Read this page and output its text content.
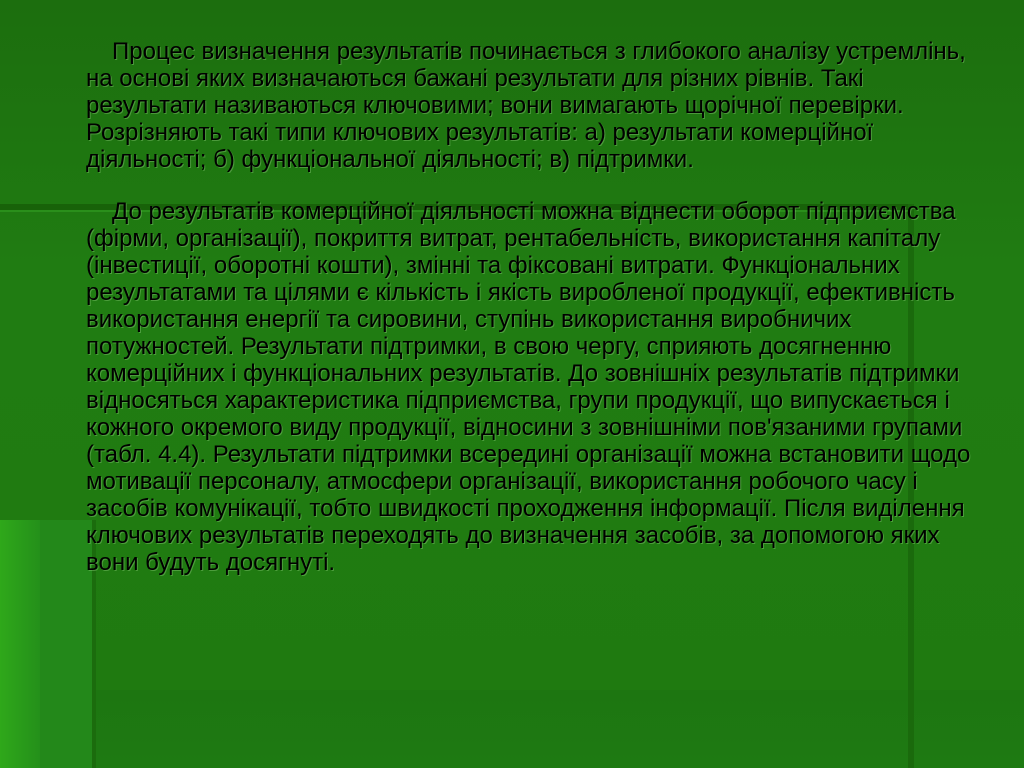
Процес визначення результатів починається з глибокого аналізу устремлінь, на основі яких визначаються бажані результати для різних рівнів. Такі результати називаються ключовими; вони вимагають щорічної перевірки. Розрізняють такі типи ключових результатів: а) результати комерційної діяльності; б) функціональної діяльності; в) підтримки.

До результатів комерційної діяльності можна віднести оборот підприємства (фірми, організації), покриття витрат, рентабельність, використання капіталу (інвестиції, оборотні кошти), змінні та фіксовані витрати. Функціональних результатами та цілями є кількість і якість виробленої продукції, ефективність використання енергії та сировини, ступінь використання виробничих потужностей. Результати підтримки, в свою чергу, сприяють досягненню комерційних і функціональних результатів. До зовнішніх результатів підтримки відносяться характеристика підприємства, групи продукції, що випускається і кожного окремого виду продукції, відносини з зовнішніми пов'язаними групами (табл. 4.4). Результати підтримки всередині організації можна встановити щодо мотивації персоналу, атмосфери організації, використання робочого часу і засобів комунікації, тобто швидкості проходження інформації. Після виділення ключових результатів переходять до визначення засобів, за допомогою яких вони будуть досягнуті.
